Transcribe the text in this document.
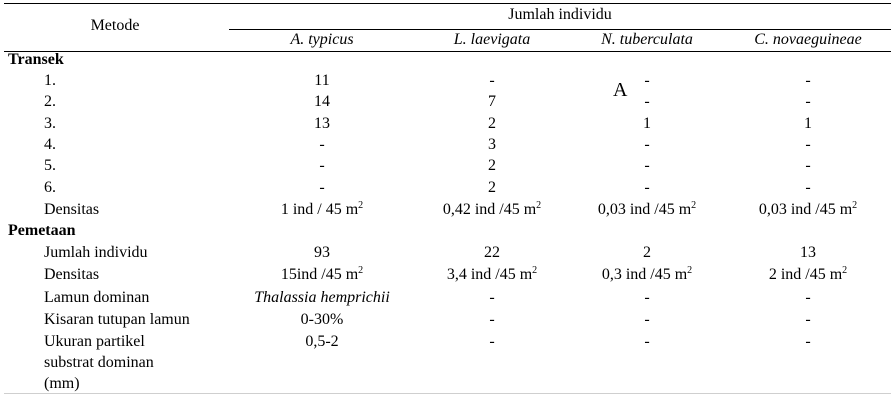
Metode
Jumlah individu
A. typicus	L. laevigata	N. tuberculata	C. novaeguineae
Transek
1.	11	-	-	-
2.	14	7	-	-
3.	13	2	1	1
4.	-	3	-	-
5.	-	2	-	-
6.	-	2	-	-
Densitas	1 ind / 45 $m^2$	0,42 ind /45 $m^2$	0,03 ind /45 $m^2$	0,03 ind /45 $m^2$
Pemetaan
Jumlah individu	93	22	2	13
Densitas	15ind /45 $m^2$	3,4 ind /45 $m^2$	0,3 ind /45 $m^2$	2 ind /45 $m^2$
Lamun dominan	Thalassia hemprichii	-	-	-
Kisaran tutupan lamun	0-30%	-	-	-
Ukuran partikel
substrat dominan
(mm)
0,5-2	-	-	-
A
